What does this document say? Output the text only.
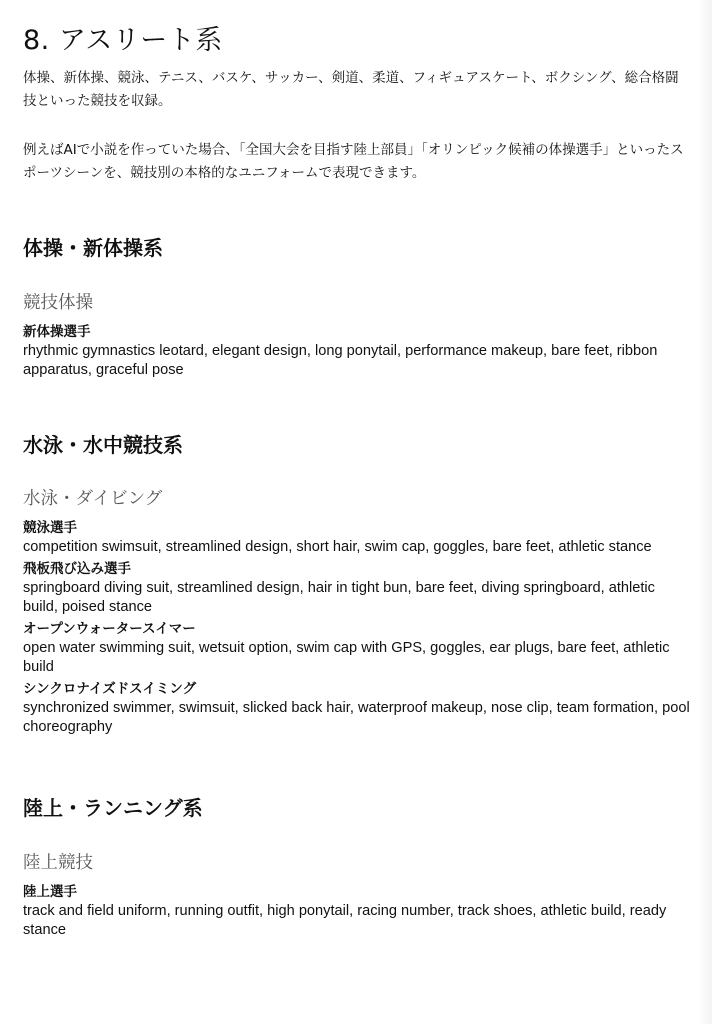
8. アスリート系

体操、新体操、競泳、テニス、バスケ、サッカー、剣道、柔道、フィギュアスケート、ボクシング、総合格闘技といった競技を収録。

例えばAIで小説を作っていた場合、「全国大会を目指す陸上部員」「オリンピック候補の体操選手」といったスポーツシーンを、競技別の本格的なユニフォームで表現できます。

体操・新体操系
競技体操
新体操選手
rhythmic gymnastics leotard, elegant design, long ponytail, performance makeup, bare feet, ribbon apparatus, graceful pose
水泳・水中競技系
水泳・ダイビング
競泳選手
competition swimsuit, streamlined design, short hair, swim cap, goggles, bare feet, athletic stance
飛板飛び込み選手
springboard diving suit, streamlined design, hair in tight bun, bare feet, diving springboard, athletic build, poised stance
オープンウォータースイマー
open water swimming suit, wetsuit option, swim cap with GPS, goggles, ear plugs, bare feet, athletic build
シンクロナイズドスイミング
synchronized swimmer, swimsuit, slicked back hair, waterproof makeup, nose clip, team formation, pool choreography
陸上・ランニング系
陸上競技
陸上選手
track and field uniform, running outfit, high ponytail, racing number, track shoes, athletic build, ready stance
